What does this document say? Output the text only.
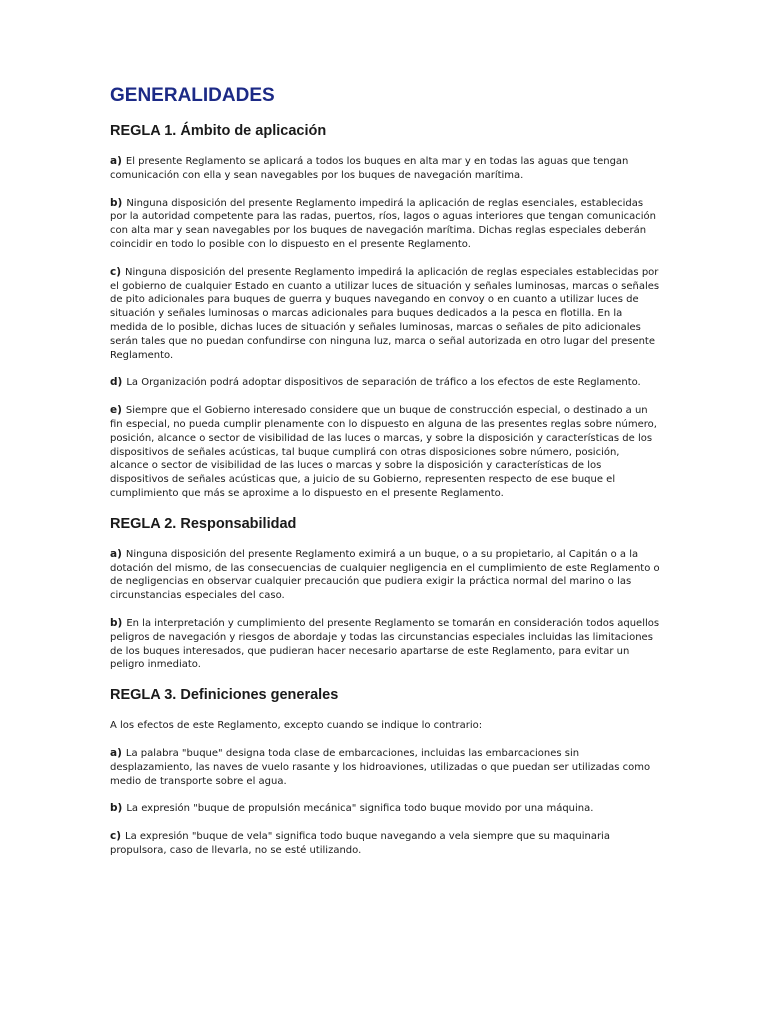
GENERALIDADES
REGLA 1. Ámbito de aplicación

a) El presente Reglamento se aplicará a todos los buques en alta mar y en todas las aguas que tengan comunicación con ella y sean navegables por los buques de navegación marítima.

b) Ninguna disposición del presente Reglamento impedirá la aplicación de reglas esenciales, establecidas por la autoridad competente para las radas, puertos, ríos, lagos o aguas interiores que tengan comunicación con alta mar y sean navegables por los buques de navegación marítima. Dichas reglas especiales deberán coincidir en todo lo posible con lo dispuesto en el presente Reglamento.

c) Ninguna disposición del presente Reglamento impedirá la aplicación de reglas especiales establecidas por el gobierno de cualquier Estado en cuanto a utilizar luces de situación y señales luminosas, marcas o señales de pito adicionales para buques de guerra y buques navegando en convoy o en cuanto a utilizar luces de situación y señales luminosas o marcas adicionales para buques dedicados a la pesca en flotilla. En la medida de lo posible, dichas luces de situación y señales luminosas, marcas o señales de pito adicionales serán tales que no puedan confundirse con ninguna luz, marca o señal autorizada en otro lugar del presente Reglamento.

d) La Organización podrá adoptar dispositivos de separación de tráfico a los efectos de este Reglamento.

e) Siempre que el Gobierno interesado considere que un buque de construcción especial, o destinado a un fin especial, no pueda cumplir plenamente con lo dispuesto en alguna de las presentes reglas sobre número, posición, alcance o sector de visibilidad de las luces o marcas, y sobre la disposición y características de los dispositivos de señales acústicas, tal buque cumplirá con otras disposiciones sobre número, posición, alcance o sector de visibilidad de las luces o marcas y sobre la disposición y características de los dispositivos de señales acústicas que, a juicio de su Gobierno, representen respecto de ese buque el cumplimiento que más se aproxime a lo dispuesto en el presente Reglamento.

REGLA 2. Responsabilidad

a) Ninguna disposición del presente Reglamento eximirá a un buque, o a su propietario, al Capitán o a la dotación del mismo, de las consecuencias de cualquier negligencia en el cumplimiento de este Reglamento o de negligencias en observar cualquier precaución que pudiera exigir la práctica normal del marino o las circunstancias especiales del caso.

b) En la interpretación y cumplimiento del presente Reglamento se tomarán en consideración todos aquellos peligros de navegación y riesgos de abordaje y todas las circunstancias especiales incluidas las limitaciones de los buques interesados, que pudieran hacer necesario apartarse de este Reglamento, para evitar un peligro inmediato.

REGLA 3. Definiciones generales

A los efectos de este Reglamento, excepto cuando se indique lo contrario:

a) La palabra "buque" designa toda clase de embarcaciones, incluidas las embarcaciones sin desplazamiento, las naves de vuelo rasante y los hidroaviones, utilizadas o que puedan ser utilizadas como medio de transporte sobre el agua.

b) La expresión "buque de propulsión mecánica" significa todo buque movido por una máquina.

c) La expresión "buque de vela" significa todo buque navegando a vela siempre que su maquinaria propulsora, caso de llevarla, no se esté utilizando.
